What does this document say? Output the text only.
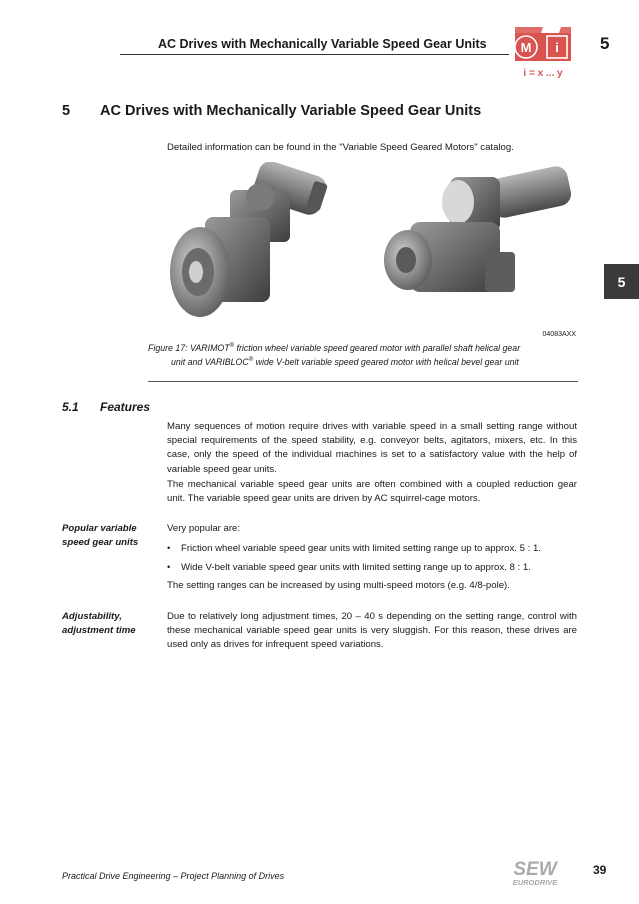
AC Drives with Mechanically Variable Speed Gear Units	M i
i = x ... y
5
5 AC Drives with Mechanically Variable Speed Gear Units
Detailed information can be found in the "Variable Speed Geared Motors" catalog.
5
04083AXX
Figure 17: VARIMOT® friction wheel variable speed geared motor with parallel shaft helical gear
unit and VARIBLOC® wide V-belt variable speed geared motor with helical bevel gear unit
5.1 Features
Many sequences of motion require drives with variable speed in a small setting range without special requirements of the speed stability, e.g. conveyor belts, agitators, mixers, etc. In this case, only the speed of the individual machines is set to a satisfactory value with the help of variable speed gear units.
The mechanical variable speed gear units are often combined with a coupled reduction gear unit. The variable speed gear units are driven by AC squirrel-cage motors.
Popular variable
speed gear units
Very popular are:
• Friction wheel variable speed gear units with limited setting range up to approx. 5 : 1.
• Wide V-belt variable speed gear units with limited setting range up to approx. 8 : 1.
The setting ranges can be increased by using multi-speed motors (e.g. 4/8-pole).
Adjustability,
adjustment time
Due to relatively long adjustment times, 20 – 40 s depending on the setting range, control with these mechanical variable speed gear units is very sluggish. For this reason, these drives are used only as drives for infrequent speed variations.
Practical Drive Engineering – Project Planning of Drives	SEW
EURODRIVE
39
